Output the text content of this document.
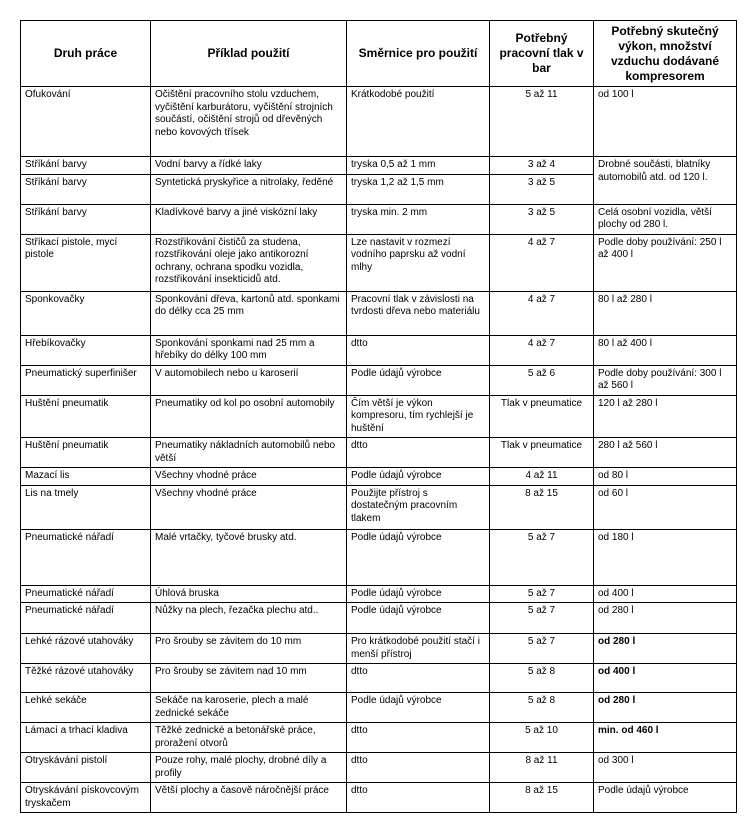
Druh práce	Příklad použití	Směrnice pro použití	Potřebný pracovní tlak v bar	Potřebný skutečný výkon, množství vzduchu dodávané kompresorem
Ofukování	Očištění pracovního stolu vzduchem, vyčištění karburátoru, vyčištění strojních součástí, očištění strojů od dřevěných nebo kovových třísek	Krátkodobé použití	5 až 11	od 100 l
Stříkání barvy	Vodní barvy a řídké laky	tryska 0,5 až 1 mm	3 až 4	Drobné součásti, blatníky automobilů atd. od 120 l.
Stříkání barvy	Syntetická pryskyřice a nitrolaky, ředěné	tryska 1,2 až 1,5 mm	3 až 5	
Stříkání barvy	Kladívkové barvy a jiné viskózní laky	tryska min. 2 mm	3 až 5	Celá osobní vozidla, větší plochy od 280 l.
Stříkací pistole, mycí pistole	Rozstřikování čističů za studena, rozstřikování oleje jako antikorozní ochrany, ochrana spodku vozidla, rozstřikování insekticidů atd.	Lze nastavit v rozmezí vodního paprsku až vodní mlhy	4 až 7	Podle doby používání: 250 l až 400 l
Sponkovačky	Sponkování dřeva, kartonů atd. sponkami do délky cca 25 mm	Pracovní tlak v závislosti na tvrdosti dřeva nebo materiálu	4 až 7	80 l až 280 l
Hřebíkovačky	Sponkování sponkami nad 25 mm a hřebíky do délky 100 mm	dtto	4 až 7	80 l až 400 l
Pneumatický superfinišer	V automobilech nebo u karoserií	Podle údajů výrobce	5 až 6	Podle doby používání: 300 l až 560 l
Huštění pneumatik	Pneumatiky od kol po osobní automobily	Čím větší je výkon kompresoru, tím rychlejší je huštění	Tlak v pneumatice	120 l až 280 l
Huštění pneumatik	Pneumatiky nákladních automobilů nebo větší	dtto	Tlak v pneumatice	280 l až 560 l
Mazací lis	Všechny vhodné práce	Podle údajů výrobce	4 až 11	od 80 l
Lis na tmely	Všechny vhodné práce	Použijte přístroj s dostatečným pracovním tlakem	8 až 15	od 60 l
Pneumatické nářadí	Malé vrtačky, tyčové brusky atd.	Podle údajů výrobce	5 až 7	od 180 l
Pneumatické nářadí	Úhlová bruska	Podle údajů výrobce	5 až 7	od 400 l
Pneumatické nářadí	Nůžky na plech, řezačka plechu atd..	Podle údajů výrobce	5 až 7	od 280 l
Lehké rázové utahováky	Pro šrouby se závitem do 10 mm	Pro krátkodobé použití stačí i menší přístroj	5 až 7	od 280 l
Těžké rázové utahováky	Pro šrouby se závitem nad 10 mm	dtto	5 až 8	od 400 l
Lehké sekáče	Sekáče na karoserie, plech a malé zednické sekáče	Podle údajů výrobce	5 až 8	od 280 l
Lámací a trhací kladiva	Těžké zednické a betonářské práce, proražení otvorů	dtto	5 až 10	min. od 460 l
Otryskávání pistolí	Pouze rohy, malé plochy, drobné díly a profily	dtto	8 až 11	od 300 l
Otryskávání pískovcovým tryskačem	Větší plochy a časově náročnější práce	dtto	8 až 15	Podle údajů výrobce
